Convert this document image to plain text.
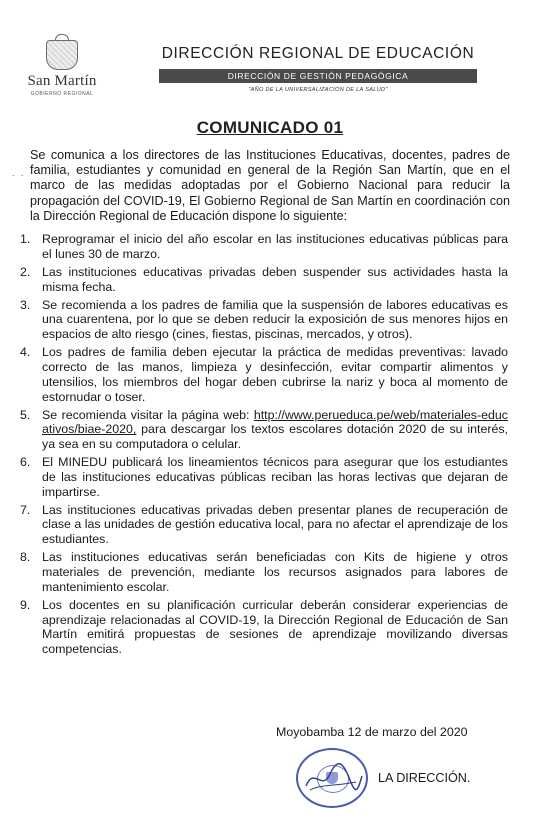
San Martín
GOBIERNO REGIONAL
DIRECCIÓN REGIONAL DE EDUCACIÓN
DIRECCIÓN DE GESTIÓN PEDAGÓGICA
"AÑO DE LA UNIVERSALIZACIÓN DE LA SALUD"
COMUNICADO 01
. .
Se comunica a los directores de las Instituciones Educativas, docentes, padres de familia, estudiantes y comunidad en general de la Región San Martín, que en el marco de las medidas adoptadas por el Gobierno Nacional para reducir la propagación del COVID-19, El Gobierno Regional de San Martín en coordinación con la Dirección Regional de Educación dispone lo siguiente:
1. Reprogramar el inicio del año escolar en las instituciones educativas públicas para el lunes 30 de marzo.
2. Las instituciones educativas privadas deben suspender sus actividades hasta la misma fecha.
3. Se recomienda a los padres de familia que la suspensión de labores educativas es una cuarentena, por lo que se deben reducir la exposición de sus menores hijos en espacios de alto riesgo (cines, fiestas, piscinas, mercados, y otros).
4. Los padres de familia deben ejecutar la práctica de medidas preventivas: lavado correcto de las manos, limpieza y desinfección, evitar compartir alimentos y utensilios, los miembros del hogar deben cubrirse la nariz y boca al momento de estornudar o toser.
5. Se recomienda visitar la página web: http://www.perueduca.pe/web/materiales-educativos/biae-2020, para descargar los textos escolares dotación 2020 de su interés, ya sea en su computadora o celular.
6. El MINEDU publicará los lineamientos técnicos para asegurar que los estudiantes de las instituciones educativas públicas reciban las horas lectivas que dejaran de impartirse.
7. Las instituciones educativas privadas deben presentar planes de recuperación de clase a las unidades de gestión educativa local, para no afectar el aprendizaje de los estudiantes.
8. Las instituciones educativas serán beneficiadas con Kits de higiene y otros materiales de prevención, mediante los recursos asignados para labores de mantenimiento escolar.
9. Los docentes en su planificación curricular deberán considerar experiencias de aprendizaje relacionadas al COVID-19, la Dirección Regional de Educación de San Martín emitirá propuestas de sesiones de aprendizaje movilizando diversas competencias.
Moyobamba 12 de marzo del 2020
LA DIRECCIÓN.
